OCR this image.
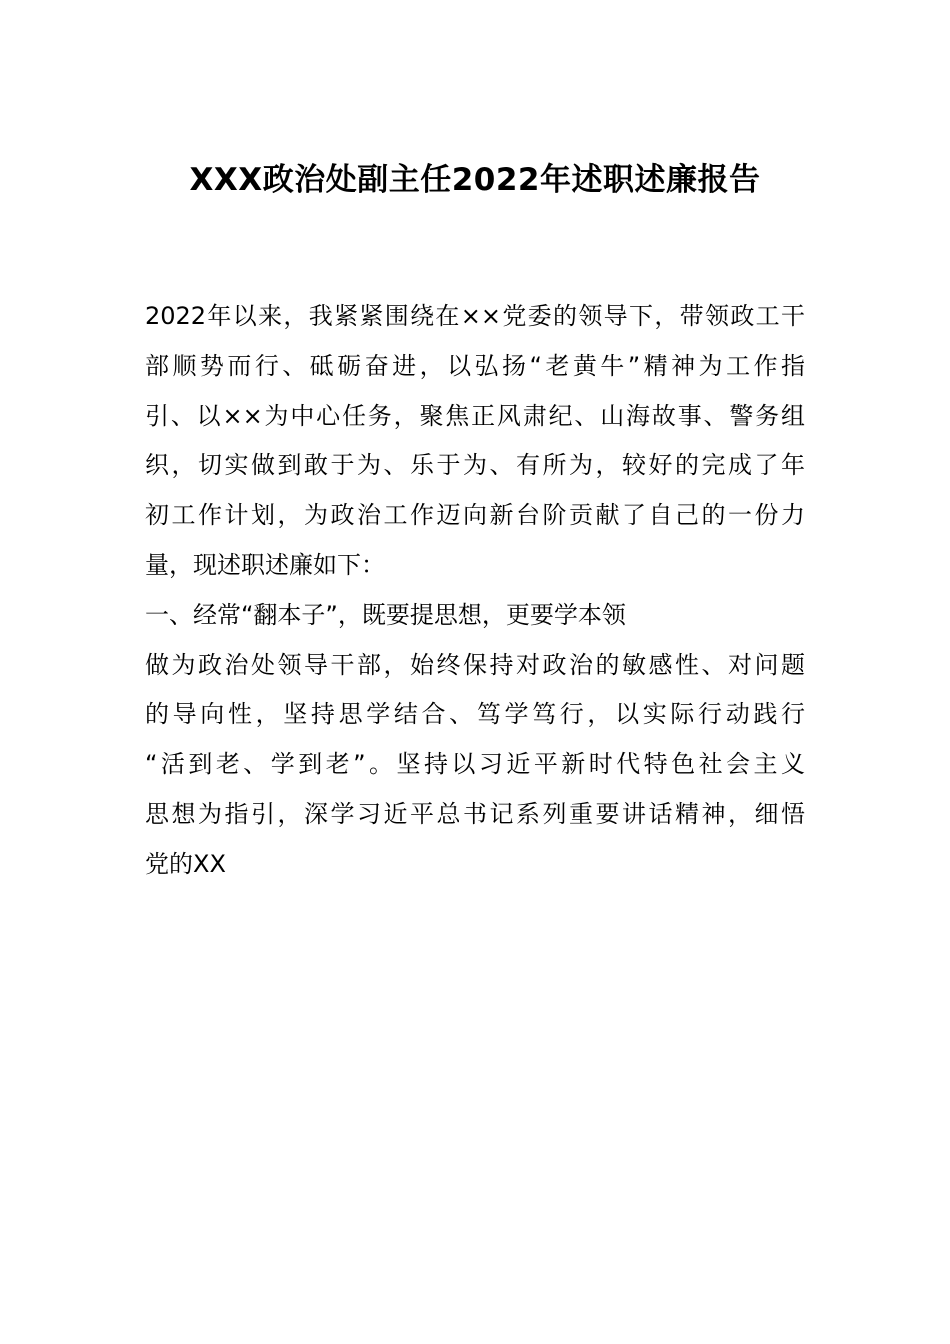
XXX政治处副主任2022年述职述廉报告
2022年以来，我紧紧围绕在××党委的领导下，带领政工干
部顺势而行、砥砺奋进，以弘扬“老黄牛”精神为工作指
引、以××为中心任务，聚焦正风肃纪、山海故事、警务组
织，切实做到敢于为、乐于为、有所为，较好的完成了年
初工作计划，为政治工作迈向新台阶贡献了自己的一份力
量，现述职述廉如下：
一、经常“翻本子”，既要提思想，更要学本领
做为政治处领导干部，始终保持对政治的敏感性、对问题
的导向性，坚持思学结合、笃学笃行，以实际行动践行
“活到老、学到老”。坚持以习近平新时代特色社会主义
思想为指引，深学习近平总书记系列重要讲话精神，细悟
党的XX
